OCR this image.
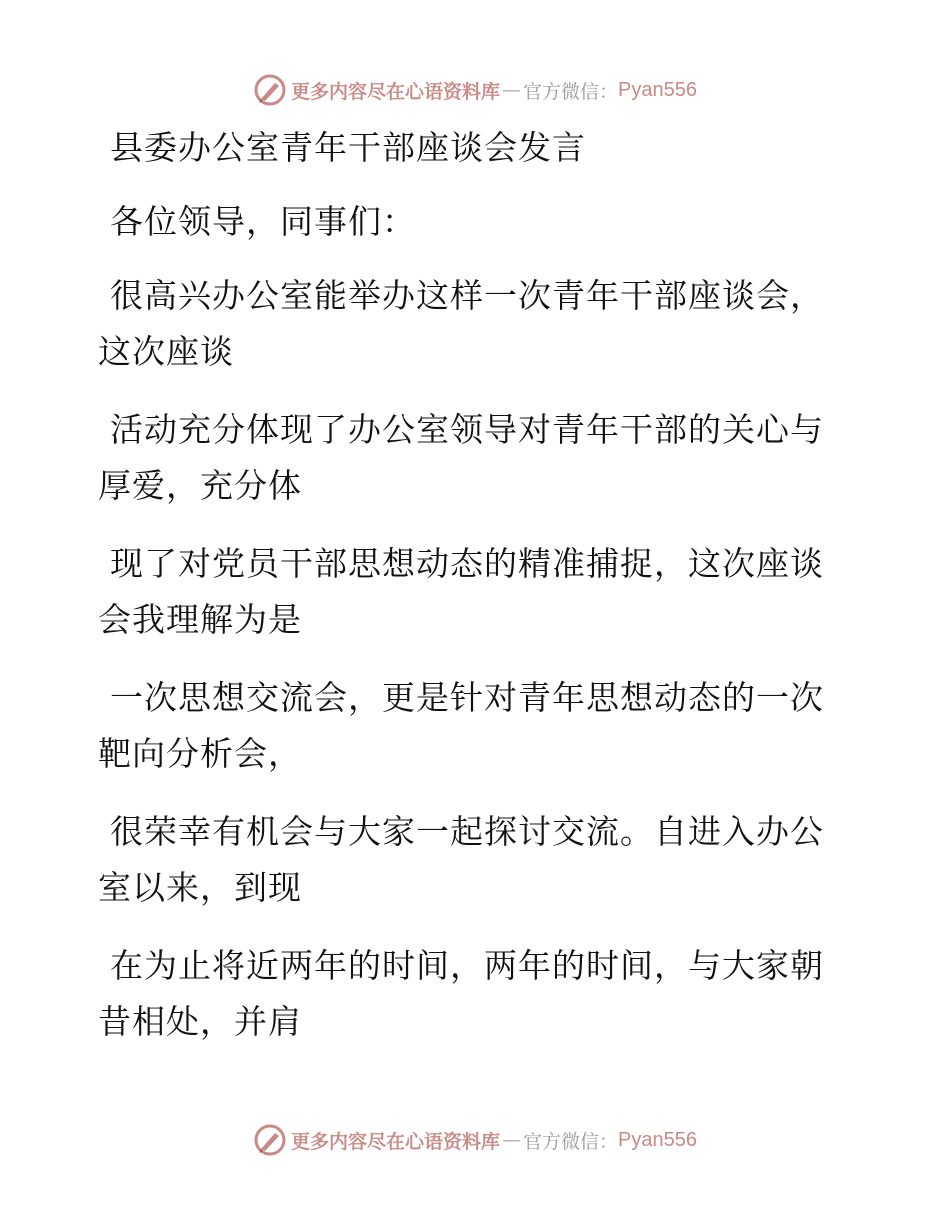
更多内容尽在心语资料库 — 官方微信： Pyan556
县委办公室青年干部座谈会发言
各位领导，同事们：
很高兴办公室能举办这样一次青年干部座谈会，
这次座谈
活动充分体现了办公室领导对青年干部的关心与
厚爱，充分体
现了对党员干部思想动态的精准捕捉，这次座谈
会我理解为是
一次思想交流会，更是针对青年思想动态的一次
靶向分析会，
很荣幸有机会与大家一起探讨交流。自进入办公
室以来，到现
在为止将近两年的时间，两年的时间，与大家朝
昔相处，并肩
更多内容尽在心语资料库 — 官方微信： Pyan556
